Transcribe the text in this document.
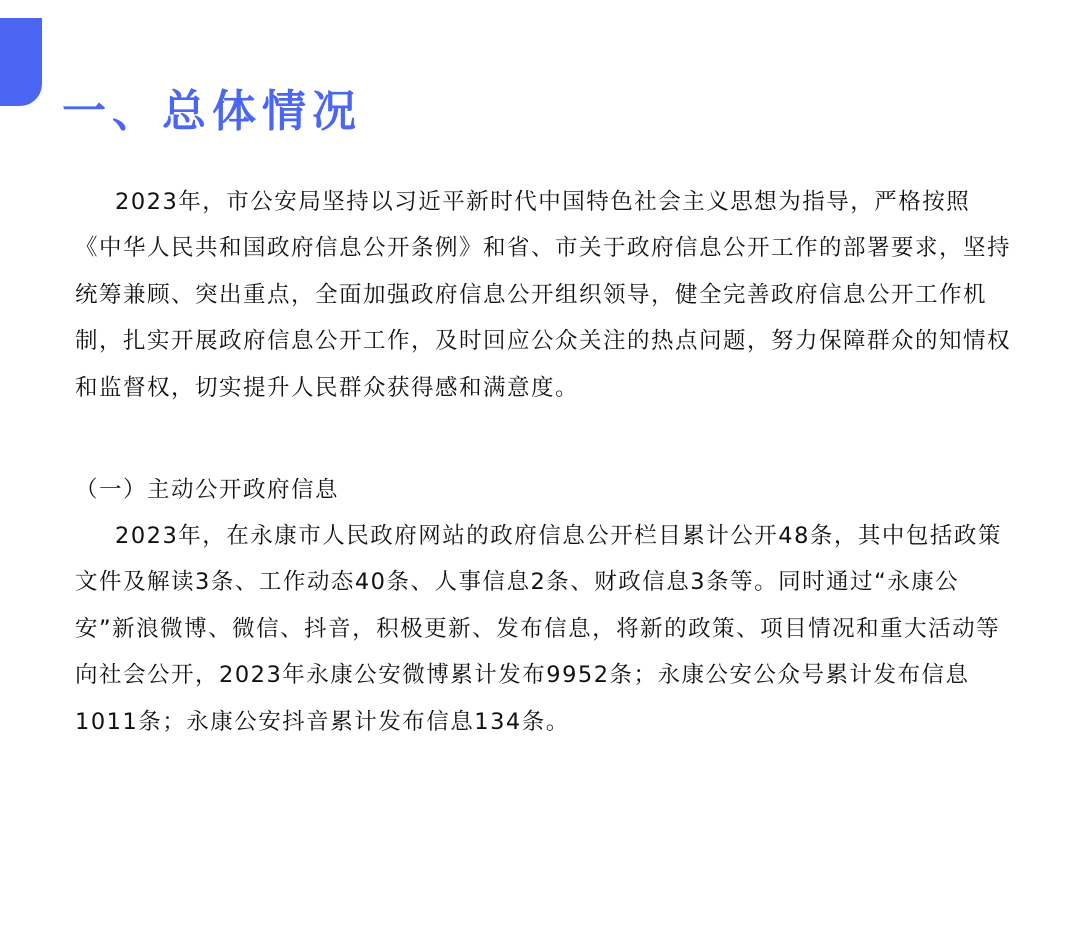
一、总体情况

2023年，市公安局坚持以习近平新时代中国特色社会主义思想为指导，严格按照《中华人民共和国政府信息公开条例》和省、市关于政府信息公开工作的部署要求，坚持统筹兼顾、突出重点，全面加强政府信息公开组织领导，健全完善政府信息公开工作机制，扎实开展政府信息公开工作，及时回应公众关注的热点问题，努力保障群众的知情权和监督权，切实提升人民群众获得感和满意度。

（一）主动公开政府信息

2023年，在永康市人民政府网站的政府信息公开栏目累计公开48条，其中包括政策文件及解读3条、工作动态40条、人事信息2条、财政信息3条等。同时通过“永康公安”新浪微博、微信、抖音，积极更新、发布信息，将新的政策、项目情况和重大活动等向社会公开，2023年永康公安微博累计发布9952条；永康公安公众号累计发布信息1011条；永康公安抖音累计发布信息134条。
